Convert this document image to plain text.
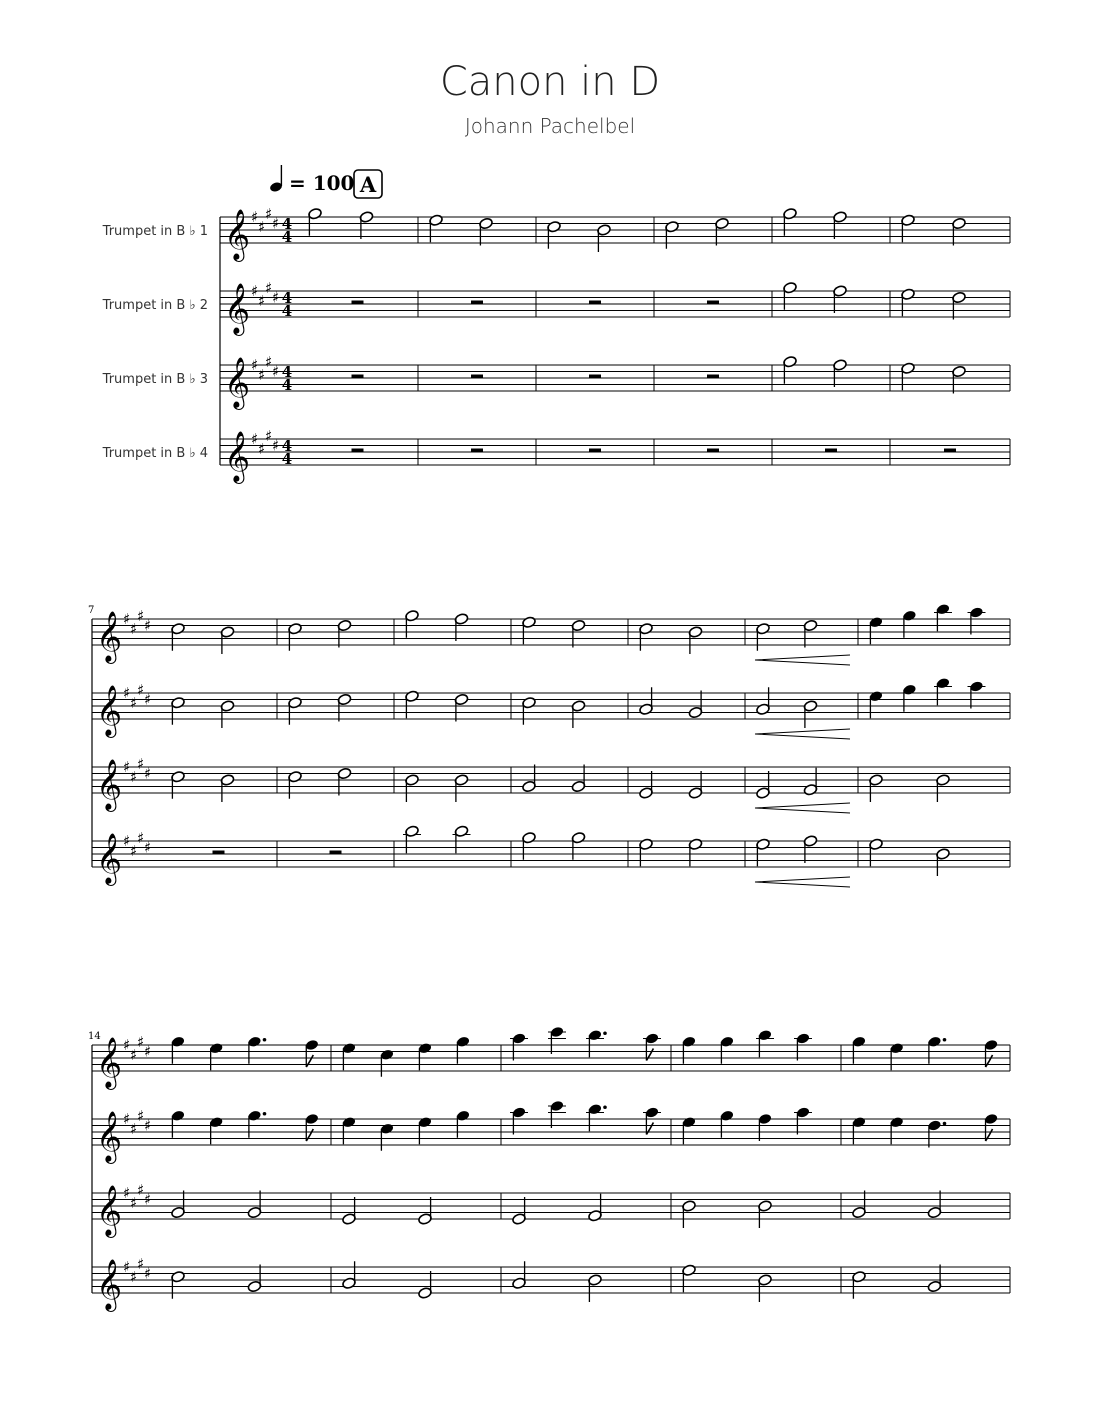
Canon in D
Johann Pachelbel
= 100 A
Trumpet in B ♭ 1
Trumpet in B ♭ 2
Trumpet in B ♭ 3
Trumpet in B ♭ 4
𝄞 ♯
♯
♯
♯ 4
4
𝄞 ♯
♯
♯
♯ 4
4
𝄞 ♯
♯
♯
♯ 4
4
𝄞 ♯
♯
♯
♯ 4
4
7
𝄞 ♯
♯
♯
♯
𝄞 ♯
♯
♯
♯
𝄞 ♯
♯
♯
♯
𝄞 ♯
♯
♯
♯
14
𝄞 ♯
♯
♯
♯
𝄞 ♯
♯
♯
♯
𝄞 ♯
♯
♯
♯
𝄞 ♯
♯
♯
♯
